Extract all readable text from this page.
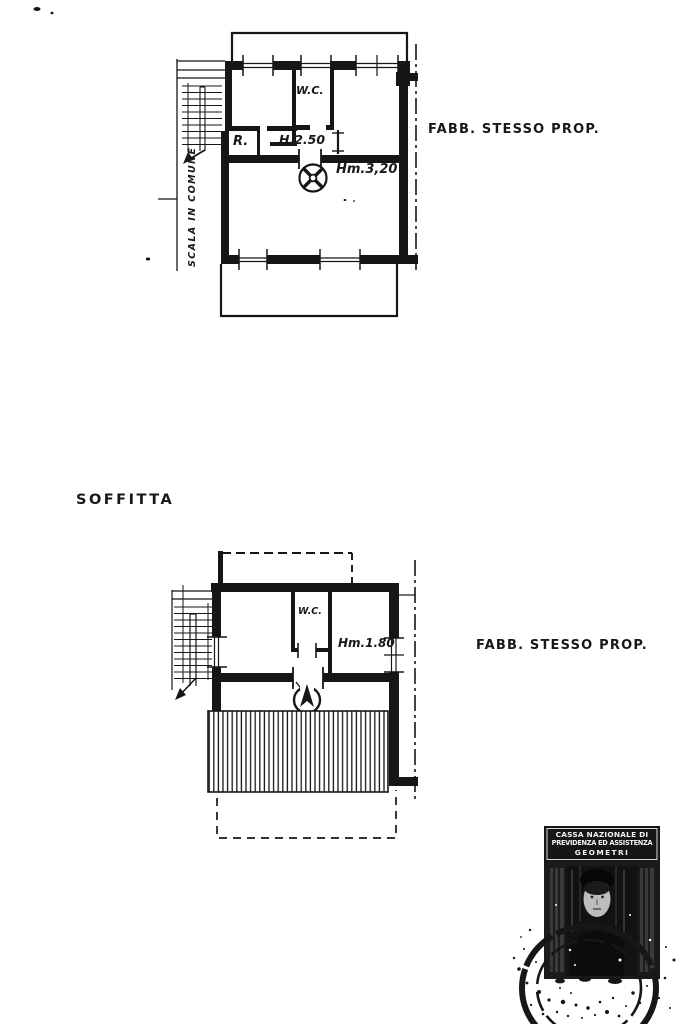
FABB. STESSO PROP.
W.C.
R. H.2.50
Hm.3,20
SCALA IN COMUNE
SOFFITTA
FABB. STESSO PROP.
W.C.
Hm.1.80
CASSA NAZIONALE DI
PREVIDENZA ED ASSISTENZA
GEOMETRI
